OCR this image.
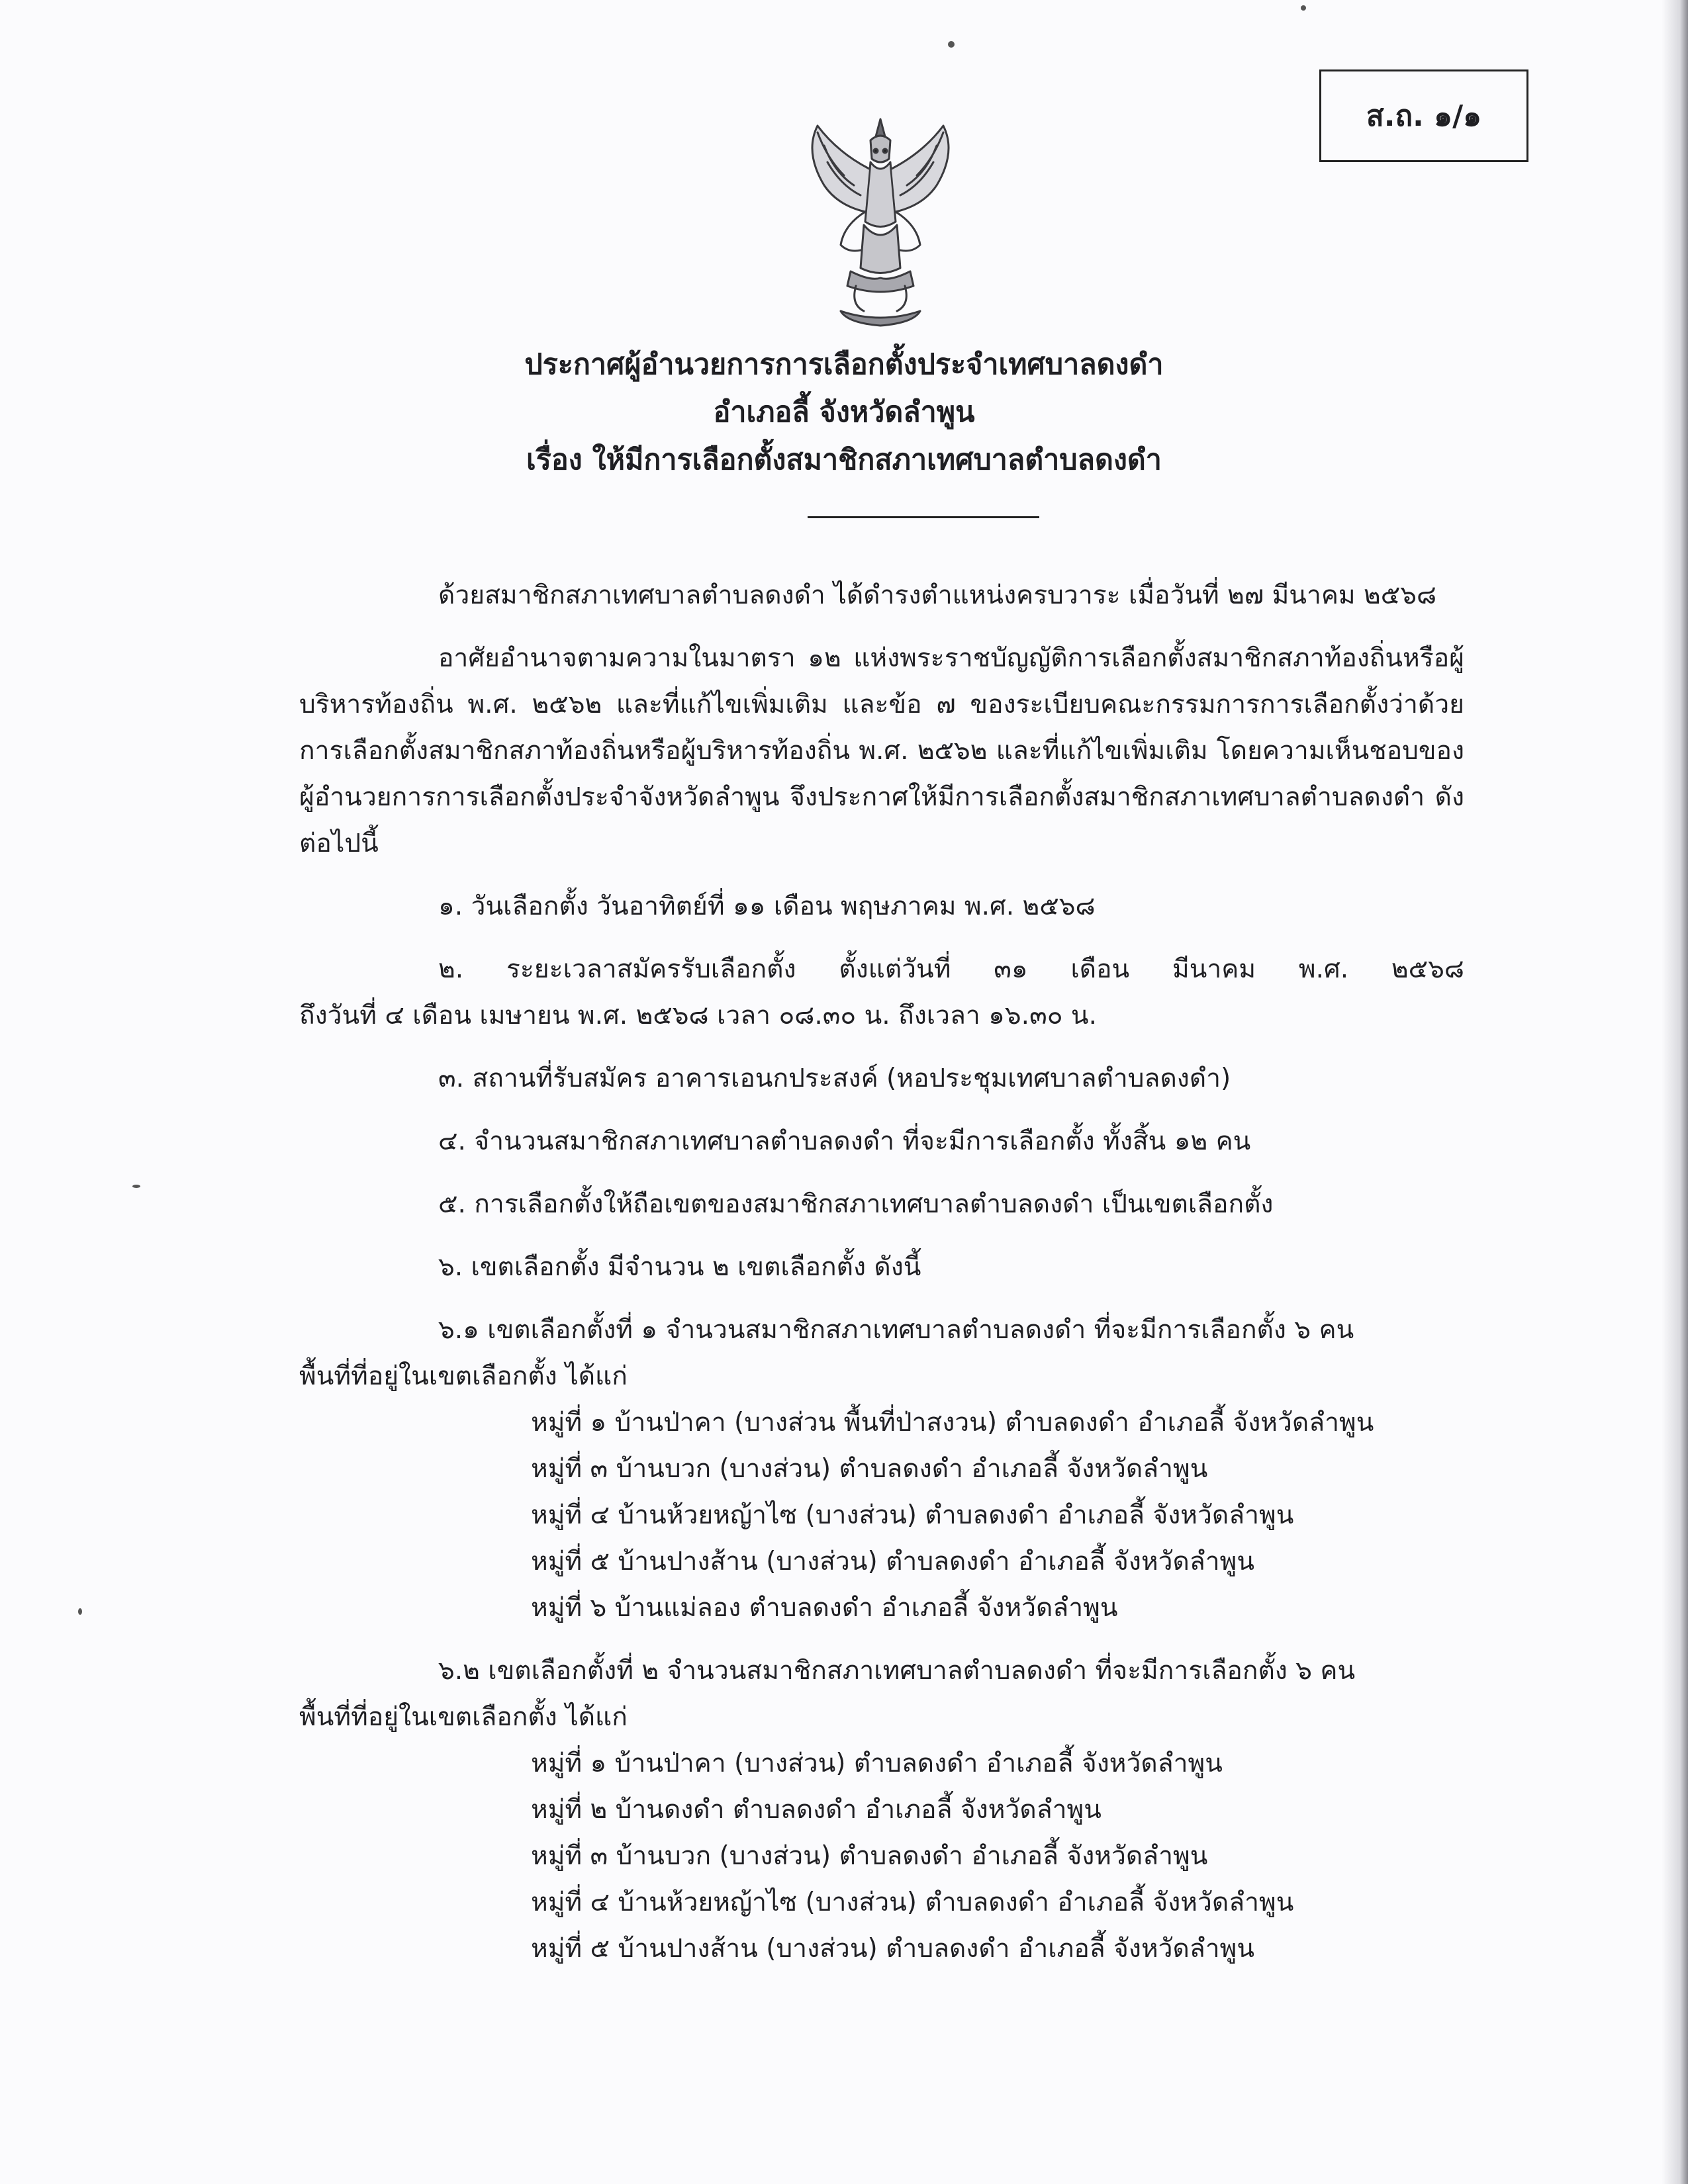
ส.ถ. ๑/๑
ประกาศผู้อำนวยการการเลือกตั้งประจำเทศบาลดงดำ
อำเภอลี้ จังหวัดลำพูน
เรื่อง ให้มีการเลือกตั้งสมาชิกสภาเทศบาลตำบลดงดำ

ด้วยสมาชิกสภาเทศบาลตำบลดงดำ ได้ดำรงตำแหน่งครบวาระ เมื่อวันที่ ๒๗ มีนาคม ๒๕๖๘

อาศัยอำนาจตามความในมาตรา ๑๒ แห่งพระราชบัญญัติการเลือกตั้งสมาชิกสภาท้องถิ่นหรือผู้บริหารท้องถิ่น พ.ศ. ๒๕๖๒ และที่แก้ไขเพิ่มเติม และข้อ ๗ ของระเบียบคณะกรรมการการเลือกตั้งว่าด้วยการเลือกตั้งสมาชิกสภาท้องถิ่นหรือผู้บริหารท้องถิ่น พ.ศ. ๒๕๖๒ และที่แก้ไขเพิ่มเติม โดยความเห็นชอบของผู้อำนวยการการเลือกตั้งประจำจังหวัดลำพูน จึงประกาศให้มีการเลือกตั้งสมาชิกสภาเทศบาลตำบลดงดำ ดังต่อไปนี้

๑. วันเลือกตั้ง วันอาทิตย์ที่ ๑๑ เดือน พฤษภาคม พ.ศ. ๒๕๖๘

๒. ระยะเวลาสมัครรับเลือกตั้ง ตั้งแต่วันที่ ๓๑ เดือน มีนาคม พ.ศ. ๒๕๖๘

ถึงวันที่ ๔ เดือน เมษายน พ.ศ. ๒๕๖๘ เวลา ๐๘.๓๐ น. ถึงเวลา ๑๖.๓๐ น.

๓. สถานที่รับสมัคร อาคารเอนกประสงค์ (หอประชุมเทศบาลตำบลดงดำ)

๔. จำนวนสมาชิกสภาเทศบาลตำบลดงดำ ที่จะมีการเลือกตั้ง ทั้งสิ้น ๑๒ คน

๕. การเลือกตั้งให้ถือเขตของสมาชิกสภาเทศบาลตำบลดงดำ เป็นเขตเลือกตั้ง

๖. เขตเลือกตั้ง มีจำนวน ๒ เขตเลือกตั้ง ดังนี้

๖.๑ เขตเลือกตั้งที่ ๑ จำนวนสมาชิกสภาเทศบาลตำบลดงดำ ที่จะมีการเลือกตั้ง ๖ คน

พื้นที่ที่อยู่ในเขตเลือกตั้ง ได้แก่

หมู่ที่ ๑ บ้านป่าคา (บางส่วน พื้นที่ป่าสงวน) ตำบลดงดำ อำเภอลี้ จังหวัดลำพูน

หมู่ที่ ๓ บ้านบวก (บางส่วน) ตำบลดงดำ อำเภอลี้ จังหวัดลำพูน

หมู่ที่ ๔ บ้านห้วยหญ้าไซ (บางส่วน) ตำบลดงดำ อำเภอลี้ จังหวัดลำพูน

หมู่ที่ ๕ บ้านปางส้าน (บางส่วน) ตำบลดงดำ อำเภอลี้ จังหวัดลำพูน

หมู่ที่ ๖ บ้านแม่ลอง ตำบลดงดำ อำเภอลี้ จังหวัดลำพูน

๖.๒ เขตเลือกตั้งที่ ๒ จำนวนสมาชิกสภาเทศบาลตำบลดงดำ ที่จะมีการเลือกตั้ง ๖ คน

พื้นที่ที่อยู่ในเขตเลือกตั้ง ได้แก่

หมู่ที่ ๑ บ้านป่าคา (บางส่วน) ตำบลดงดำ อำเภอลี้ จังหวัดลำพูน

หมู่ที่ ๒ บ้านดงดำ ตำบลดงดำ อำเภอลี้ จังหวัดลำพูน

หมู่ที่ ๓ บ้านบวก (บางส่วน) ตำบลดงดำ อำเภอลี้ จังหวัดลำพูน

หมู่ที่ ๔ บ้านห้วยหญ้าไซ (บางส่วน) ตำบลดงดำ อำเภอลี้ จังหวัดลำพูน

หมู่ที่ ๕ บ้านปางส้าน (บางส่วน) ตำบลดงดำ อำเภอลี้ จังหวัดลำพูน
